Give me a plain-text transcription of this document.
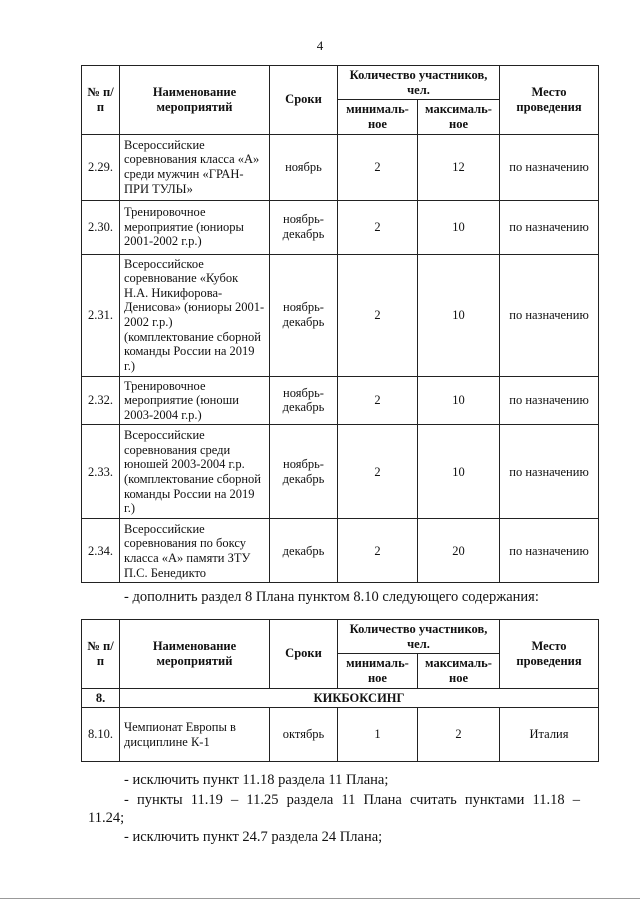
4
№ п/п	Наименование мероприятий	Сроки	Количество участников, чел.		Место проведения
			минималь-ное	максималь-ное	
2.29.	Всероссийские соревнования класса «А» среди мужчин «ГРАН-ПРИ ТУЛЫ»	ноябрь	2	12	по назначению
2.30.	Тренировочное мероприятие (юниоры 2001-2002 г.р.)	ноябрь-декабрь	2	10	по назначению
2.31.	Всероссийское соревнование «Кубок Н.А. Никифорова-Денисова» (юниоры 2001-2002 г.р.) (комплектование сборной команды России на 2019 г.)	ноябрь-декабрь	2	10	по назначению
2.32.	Тренировочное мероприятие (юноши 2003-2004 г.р.)	ноябрь-декабрь	2	10	по назначению
2.33.	Всероссийские соревнования среди юношей 2003-2004 г.р. (комплектование сборной команды России на 2019 г.)	ноябрь-декабрь	2	10	по назначению
2.34.	Всероссийские соревнования по боксу класса «А» памяти ЗТУ П.С. Бенедикто	декабрь	2	20	по назначению
- дополнить раздел 8 Плана пунктом 8.10 следующего содержания:
№ п/п	Наименование мероприятий	Сроки	Количество участников, чел.		Место проведения
			минималь-ное	максималь-ное	
8.	КИКБОКСИНГ				
8.10.	Чемпионат Европы в дисциплине К-1	октябрь	1	2	Италия
- исключить пункт 11.18 раздела 11 Плана;
- пункты 11.19 – 11.25 раздела 11 Плана считать пунктами 11.18 –
11.24;
- исключить пункт 24.7 раздела 24 Плана;
